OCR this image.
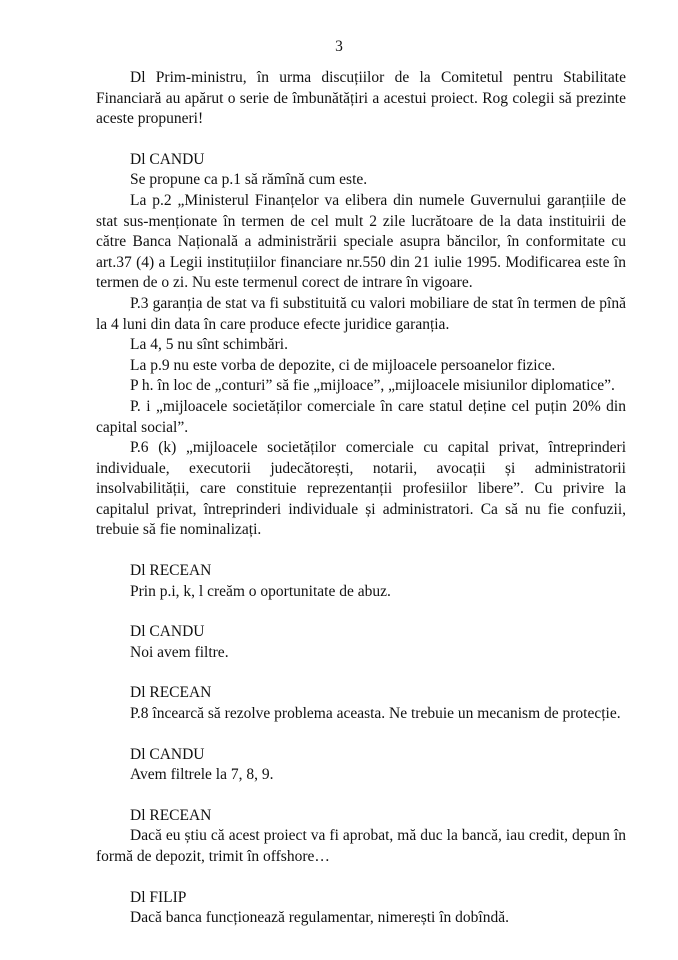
3

Dl Prim-ministru, în urma discuțiilor de la Comitetul pentru Stabilitate Financiară au apărut o serie de îmbunătățiri a acestui proiect. Rog colegii să prezinte aceste propuneri!

Dl CANDU

Se propune ca p.1 să rămînă cum este.

La p.2 „Ministerul Finanțelor va elibera din numele Guvernului garanțiile de stat sus-menționate în termen de cel mult 2 zile lucrătoare de la data instituirii de către Banca Națională a administrării speciale asupra băncilor, în conformitate cu art.37 (4) a Legii instituțiilor financiare nr.550 din 21 iulie 1995. Modificarea este în termen de o zi. Nu este termenul corect de intrare în vigoare.

P.3 garanția de stat va fi substituită cu valori mobiliare de stat în termen de pînă la 4 luni din data în care produce efecte juridice garanția.

La 4, 5 nu sînt schimbări.

La p.9 nu este vorba de depozite, ci de mijloacele persoanelor fizice.

P h. în loc de „conturi” să fie „mijloace”, „mijloacele misiunilor diplomatice”.

P. i „mijloacele societăților comerciale în care statul deține cel puțin 20% din capital social”.

P.6 (k) „mijloacele societăților comerciale cu capital privat, întreprinderi individuale, executorii judecătorești, notarii, avocații și administratorii insolvabilității, care constituie reprezentanții profesiilor libere”. Cu privire la capitalul privat, întreprinderi individuale și administratori. Ca să nu fie confuzii, trebuie să fie nominalizați.

Dl RECEAN

Prin p.i, k, l creăm o oportunitate de abuz.

Dl CANDU

Noi avem filtre.

Dl RECEAN

P.8 încearcă să rezolve problema aceasta. Ne trebuie un mecanism de protecție.

Dl CANDU

Avem filtrele la 7, 8, 9.

Dl RECEAN

Dacă eu știu că acest proiect va fi aprobat, mă duc la bancă, iau credit, depun în formă de depozit, trimit în offshore…

Dl FILIP

Dacă banca funcționează regulamentar, nimerești în dobîndă.
